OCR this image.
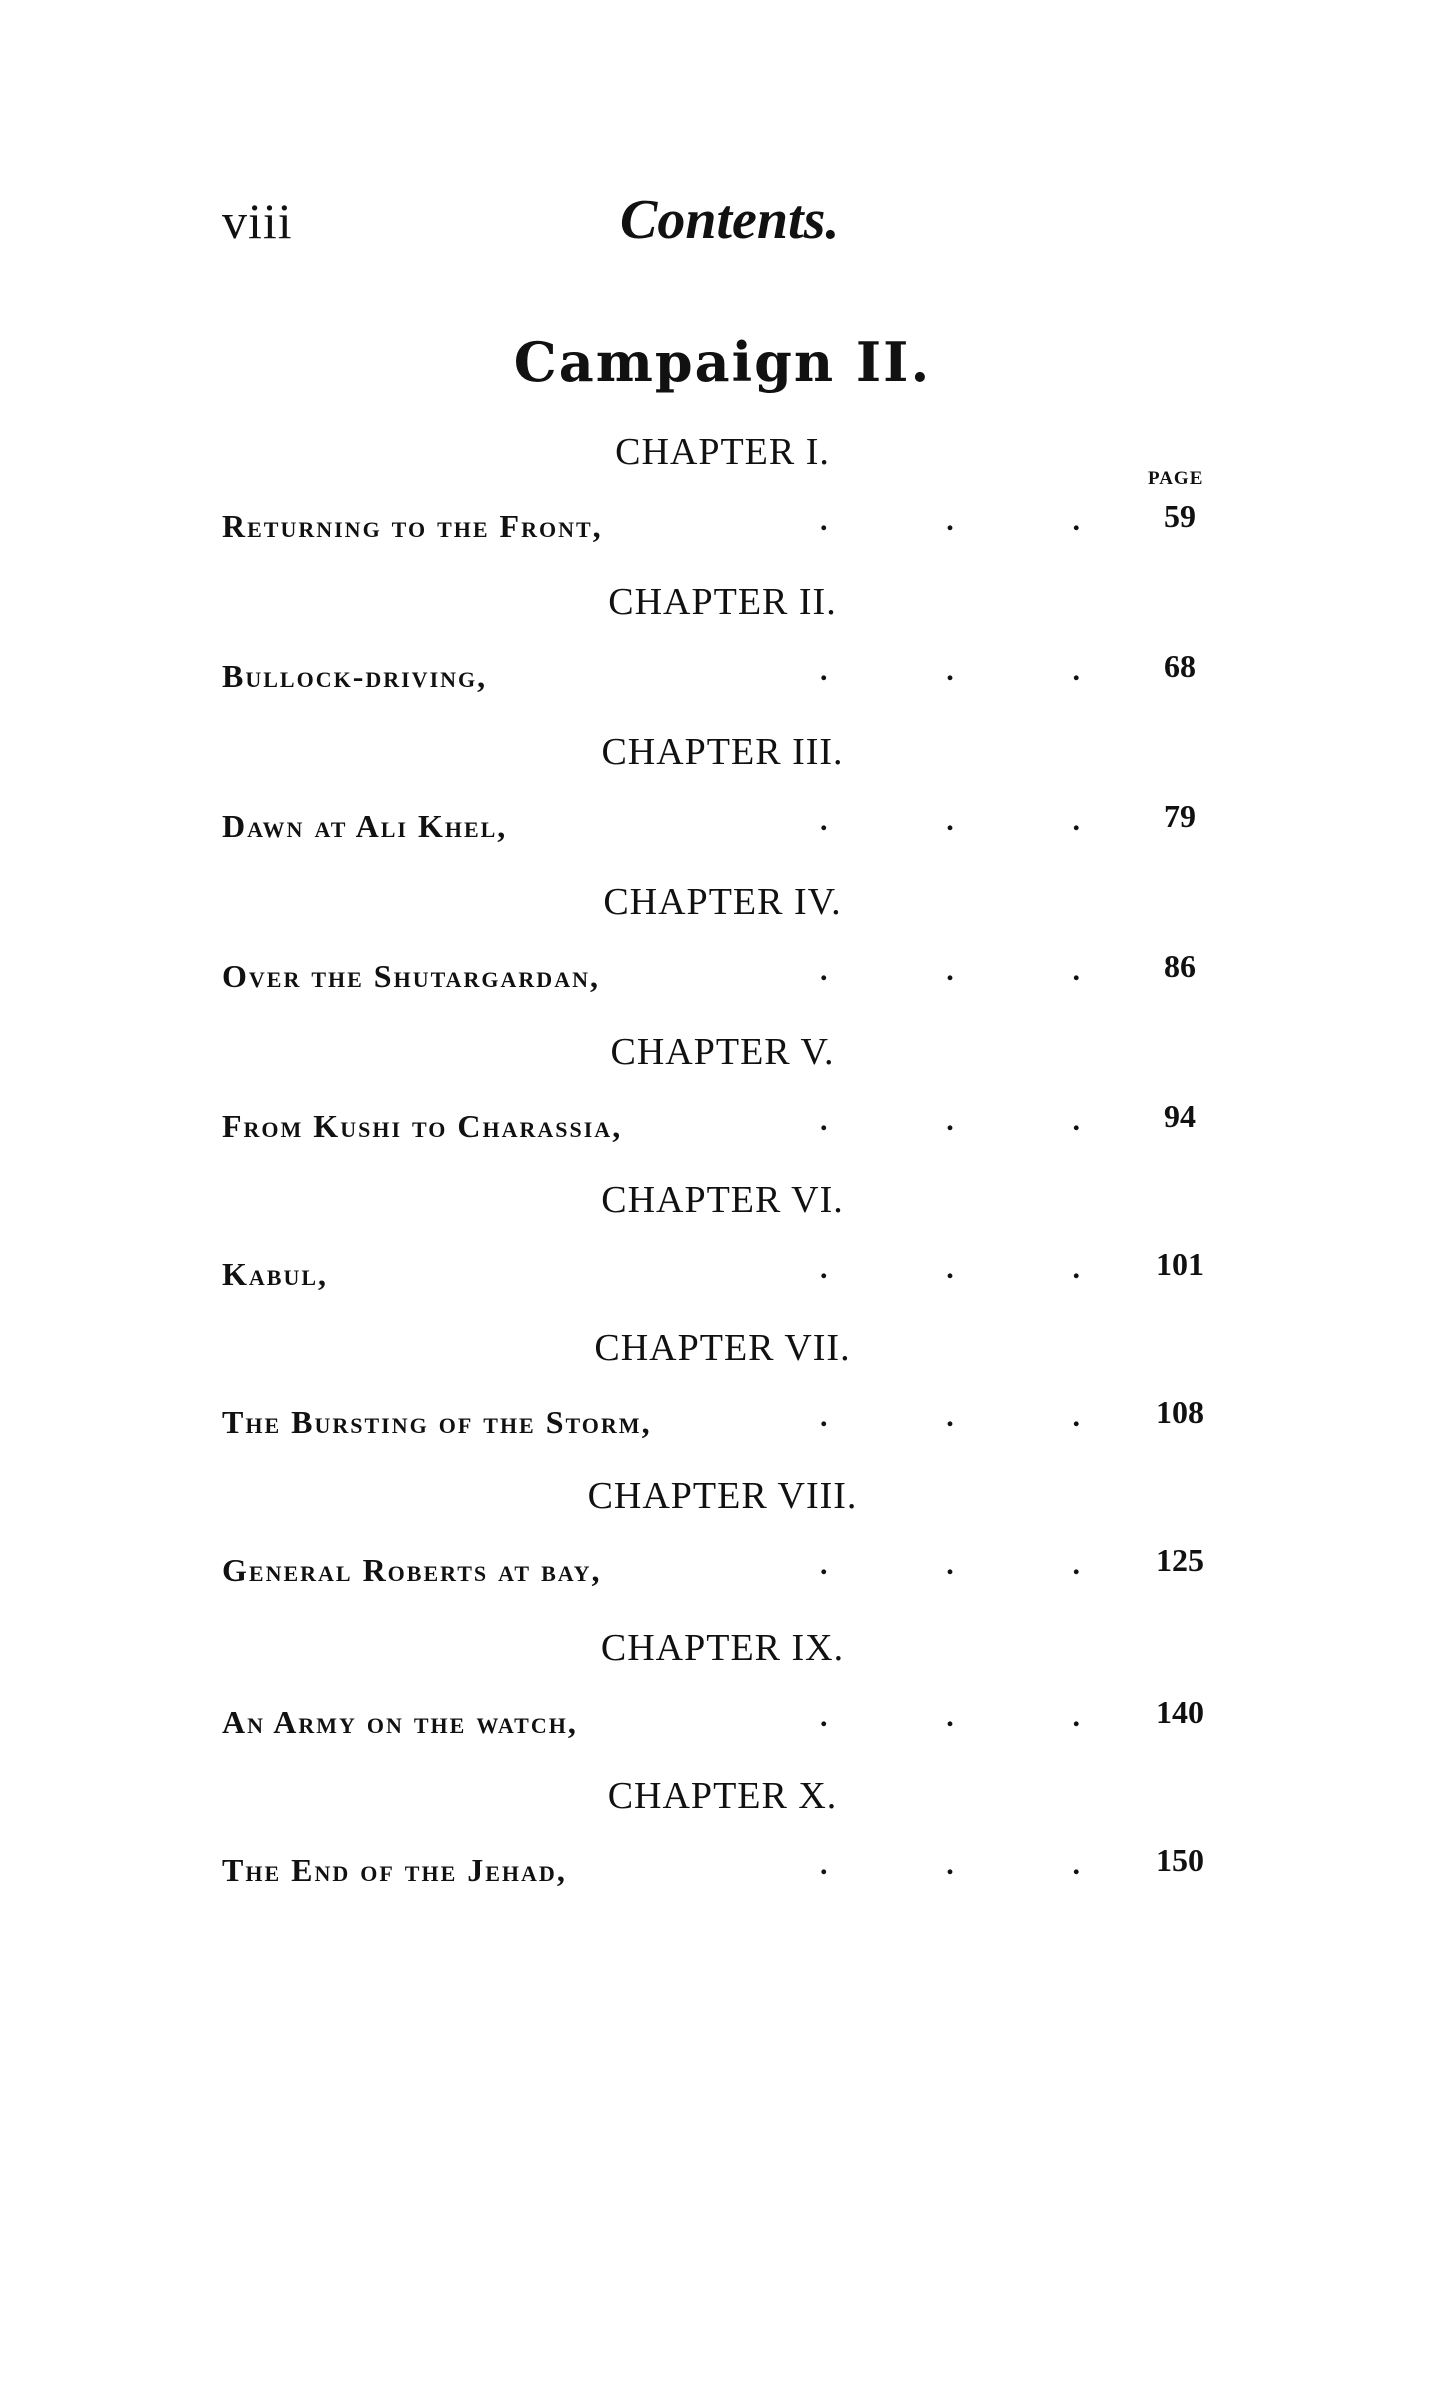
viii	Contents.
Campaign II.
PAGE
CHAPTER I.
Returning to the Front,	.	.	.	59
CHAPTER II.
Bullock-driving,	.	.	.	68
CHAPTER III.
Dawn at Ali Khel,	.	.	.	79
CHAPTER IV.
Over the Shutargardan,	.	.	.	86
CHAPTER V.
From Kushi to Charassia,	.	.	.	94
CHAPTER VI.
Kabul,	.	.	.	101
CHAPTER VII.
The Bursting of the Storm,	.	.	.	108
CHAPTER VIII.
General Roberts at bay,	.	.	.	125
CHAPTER IX.
An Army on the watch,	.	.	.	140
CHAPTER X.
The End of the Jehad,	.	.	.	150
